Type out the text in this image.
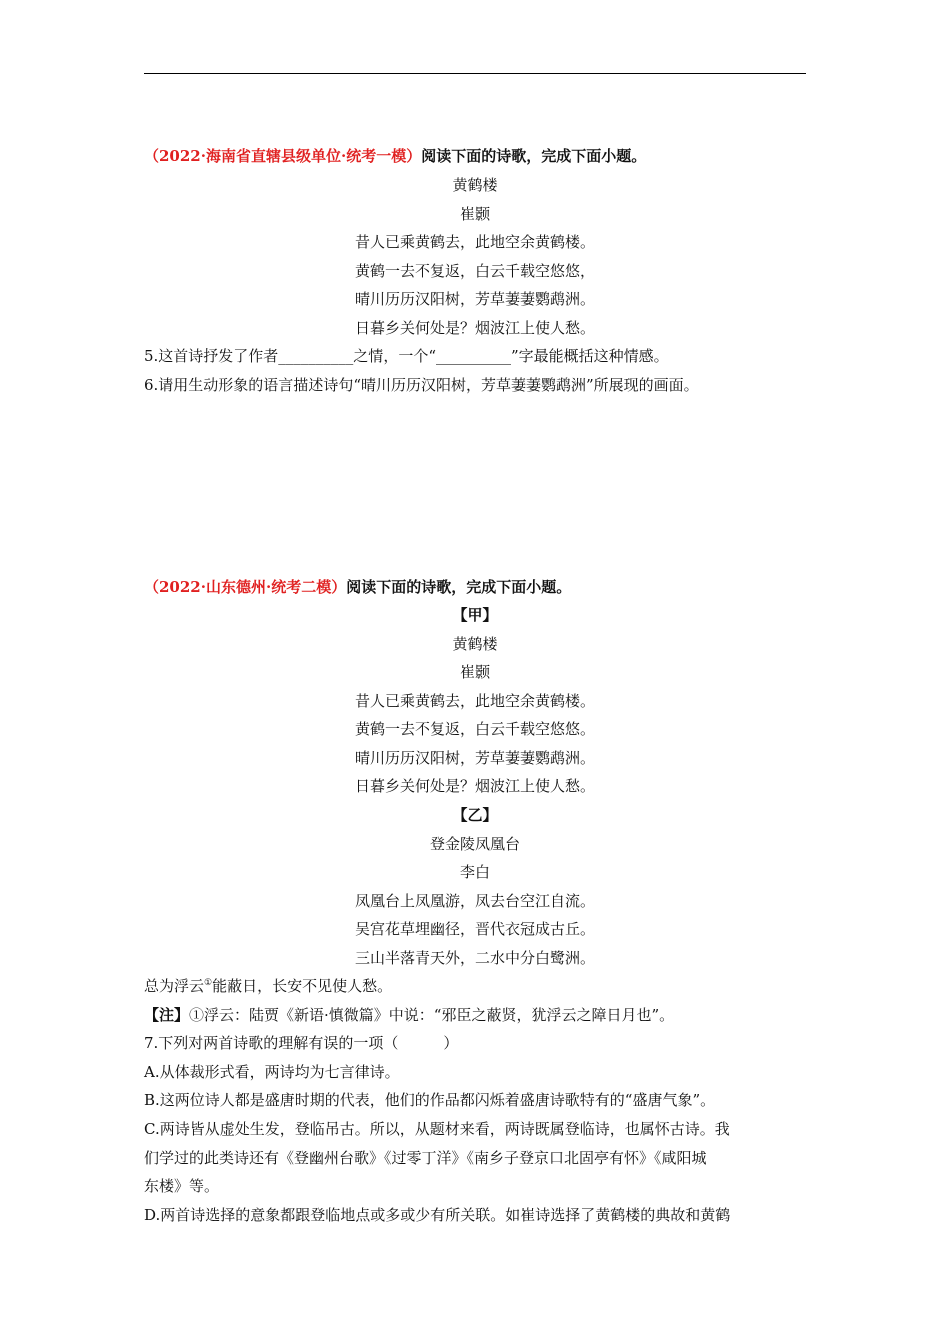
（2022·海南省直辖县级单位·统考一模）阅读下面的诗歌，完成下面小题。
黄鹤楼
崔颢
昔人已乘黄鹤去，此地空余黄鹤楼。
黄鹤一去不复返，白云千载空悠悠，
晴川历历汉阳树，芳草萋萋鹦鹉洲。
日暮乡关何处是？烟波江上使人愁。
5.这首诗抒发了作者__________之情，一个“__________”字最能概括这种情感。
6.请用生动形象的语言描述诗句“晴川历历汉阳树，芳草萋萋鹦鹉洲”所展现的画面。
（2022·山东德州·统考二模）阅读下面的诗歌，完成下面小题。
【甲】
黄鹤楼
崔颢
昔人已乘黄鹤去，此地空余黄鹤楼。
黄鹤一去不复返，白云千载空悠悠。
晴川历历汉阳树，芳草萋萋鹦鹉洲。
日暮乡关何处是？烟波江上使人愁。
【乙】
登金陵凤凰台
李白
凤凰台上凤凰游，凤去台空江自流。
吴宫花草埋幽径，晋代衣冠成古丘。
三山半落青天外，二水中分白鹭洲。
总为浮云①能蔽日，长安不见使人愁。
【注】①浮云：陆贾《新语·慎微篇》中说：“邪臣之蔽贤，犹浮云之障日月也”。
7.下列对两首诗歌的理解有误的一项（　　　）
A.从体裁形式看，两诗均为七言律诗。
B.这两位诗人都是盛唐时期的代表，他们的作品都闪烁着盛唐诗歌特有的“盛唐气象”。
C.两诗皆从虚处生发，登临吊古。所以，从题材来看，两诗既属登临诗，也属怀古诗。我
们学过的此类诗还有《登幽州台歌》《过零丁洋》《南乡子登京口北固亭有怀》《咸阳城
东楼》等。
D.两首诗选择的意象都跟登临地点或多或少有所关联。如崔诗选择了黄鹤楼的典故和黄鹤
